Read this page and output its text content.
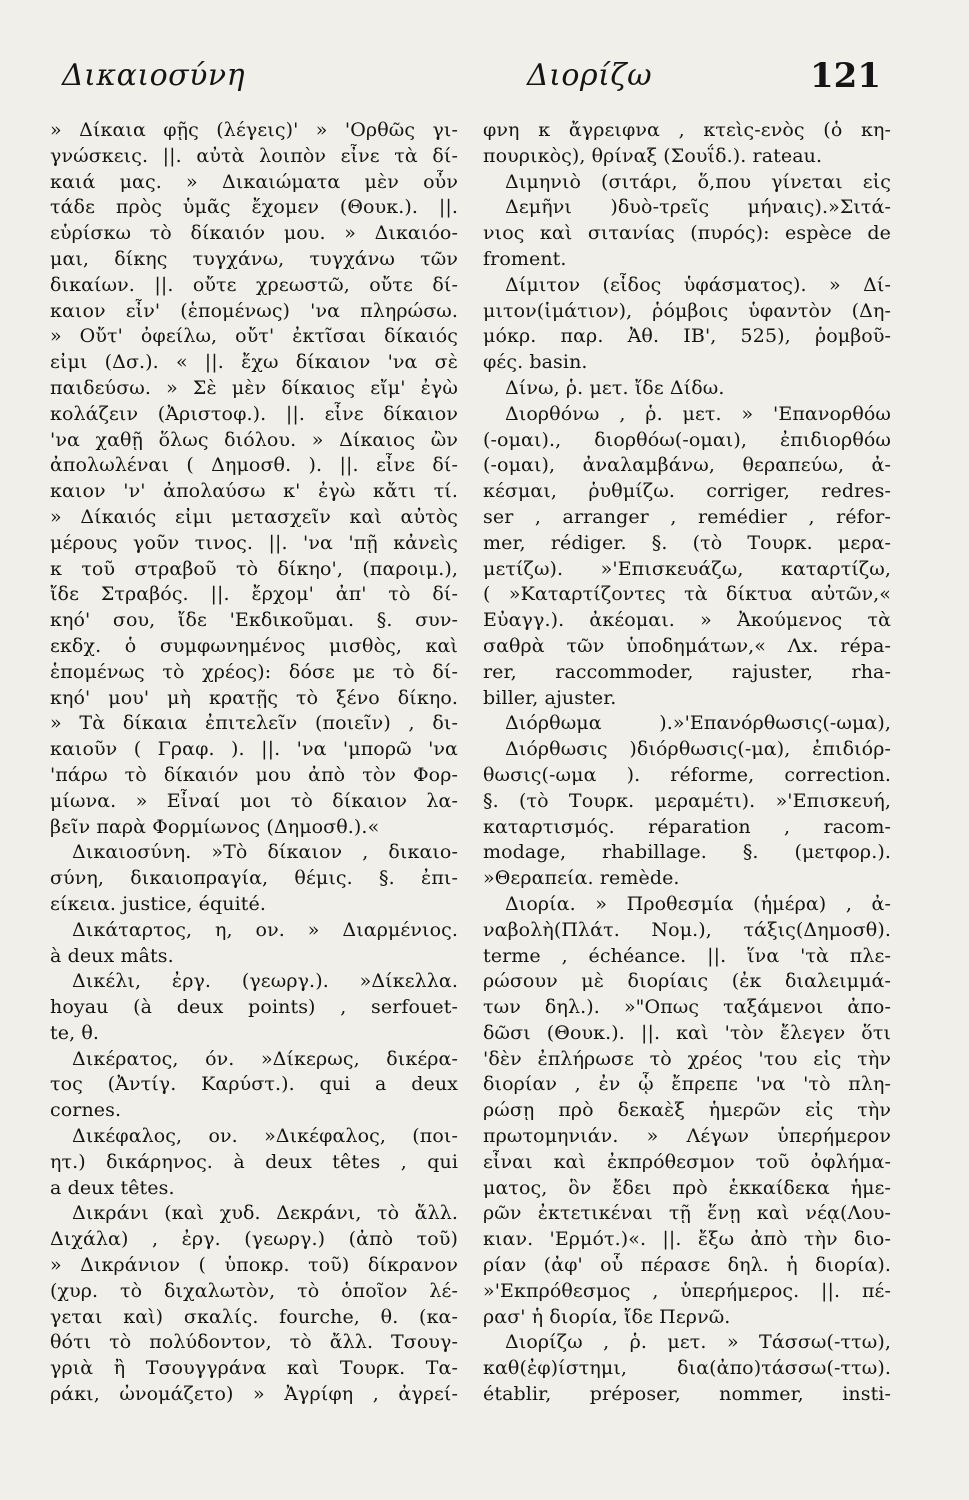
Δικαιοσύνη	Διορίζω	121
» Δίκαια φῇς (λέγεις)' » 'Ορθῶς γι-
γνώσκεις. ||. αὐτὰ λοιπὸν εἶνε τὰ δί-
καιά μας. » Δικαιώματα μὲν οὖν
τάδε πρὸς ὑμᾶς ἔχομεν (Θουκ.). ||.
εὑρίσκω τὸ δίκαιόν μου. » Δικαιόο-
μαι, δίκης τυγχάνω, τυγχάνω τῶν
δικαίων. ||. οὔτε χρεωστῶ, οὔτε δί-
καιον εἶν' (ἑπομένως) 'να πληρώσω.
» Οὔτ' ὀφείλω, οὔτ' ἐκτῖσαι δίκαιός
εἰμι (Δσ.). « ||. ἔχω δίκαιον 'να σὲ
παιδεύσω. » Σὲ μὲν δίκαιος εἴμ' ἐγὼ
κολάζειν (Ἀριστοφ.). ||. εἶνε δίκαιον
'να χαθῇ ὅλως διόλου. » Δίκαιος ὢν
ἀπολωλέναι ( Δημοσθ. ). ||. εἶνε δί-
καιον 'ν' ἀπολαύσω κ' ἐγὼ κἄτι τί.
» Δίκαιός εἰμι μετασχεῖν καὶ αὐτὸς
μέρους γοῦν τινος. ||. 'να 'πῇ κἀνεὶς
κ τοῦ στραβοῦ τὸ δίκηο', (παροιμ.),
ἴδε Στραβός. ||. ἔρχομ' ἀπ' τὸ δί-
κηό' σου, ἴδε 'Εκδικοῦμαι. §. συν-
εκδχ. ὁ συμφωνημένος μισθὸς, καὶ
ἑπομένως τὸ χρέος): δόσε με τὸ δί-
κηό' μου' μὴ κρατῇς τὸ ξένο δίκηο.
» Τὰ δίκαια ἐπιτελεῖν (ποιεῖν) , δι-
καιοῦν ( Γραφ. ). ||. 'να 'μπορῶ 'να
'πάρω τὸ δίκαιόν μου ἀπὸ τὸν Φορ-
μίωνα. » Εἶναί μοι τὸ δίκαιον λα-
βεῖν παρὰ Φορμίωνος (Δημοσθ.).«
Δικαιοσύνη. »Τὸ δίκαιον , δικαιο-
σύνη, δικαιοπραγία, θέμις. §. ἐπι-
είκεια. justice, équité.
Δικάταρτος, η, ον. » Διαρμένιος.
à deux mâts.
Δικέλι, ἐργ. (γεωργ.). »Δίκελλα.
hoyau (à deux points) , serfouet-
te, θ.
Δικέρατος, όν. »Δίκερως, δικέρα-
τος (Ἀντίγ. Καρύστ.). qui a deux
cornes.
Δικέφαλος, ον. »Δικέφαλος, (ποι-
ητ.) δικάρηνος. à deux têtes , qui
a deux têtes.
Δικράνι (καὶ χυδ. Δεκράνι, τὸ ἄλλ.
Διχάλα) , ἐργ. (γεωργ.) (ἀπὸ τοῦ)
» Δικράνιον ( ὑποκρ. τοῦ) δίκρανον
(χυρ. τὸ διχαλωτὸν, τὸ ὁποῖον λέ-
γεται καὶ) σκαλίς. fourche, θ. (κα-
θότι τὸ πολύδοντον, τὸ ἄλλ. Τσουγ-
γριὰ ἢ Τσουγγράνα καὶ Τουρκ. Τα-
ράκι, ὠνομάζετο) » Ἀγρίφη , ἀγρεί-
φνη κ ἄγρειφνα , κτεὶς-ενὸς (ὁ κη-
πουρικὸς), θρίναξ (Σουΐδ.). rateau.
Διμηνιὸ (σιτάρι, ὅ,που γίνεται εἰς
Δεμῆνι )δυὸ-τρεῖς μήναις).»Σιτά-
νιος καὶ σιτανίας (πυρός): espèce de
froment.
Δίμιτον (εἶδος ὑφάσματος). » Δί-
μιτον(ἱμάτιον), ῥόμβοις ὑφαντὸν (Δη-
μόκρ. παρ. Ἀθ. ΙΒ', 525), ῥομβοῦ-
φές. basin.
Δίνω, ῥ. μετ. ἴδε Δίδω.
Διορθόνω , ῥ. μετ. » 'Επανορθόω
(-ομαι)., διορθόω(-ομαι), ἐπιδιορθόω
(-ομαι), ἀναλαμβάνω, θεραπεύω, ἀ-
κέσμαι, ῥυθμίζω. corriger, redres-
ser , arranger , remédier , réfor-
mer, rédiger. §. (τὸ Τουρκ. μερα-
μετίζω). »'Επισκευάζω, καταρτίζω,
( »Καταρτίζοντες τὰ δίκτυα αὐτῶν,«
Εὐαγγ.). ἀκέομαι. » Ἀκούμενος τὰ
σαθρὰ τῶν ὑποδημάτων,« Λx. répa-
rer, raccommoder, rajuster, rha-
biller, ajuster.
Διόρθωμα ).»'Επανόρθωσις(-ωμα),
Διόρθωσις )διόρθωσις(-μα), ἐπιδιόρ-
θωσις(-ωμα ). réforme, correction.
§. (τὸ Τουρκ. μεραμέτι). »'Επισκευή,
καταρτισμός. réparation , racom-
modage, rhabillage. §. (μετφορ.).
»Θεραπεία. remède.
Διορία. » Προθεσμία (ἡμέρα) , ἀ-
ναβολὴ(Πλάτ. Νομ.), τάξις(Δημοσθ).
terme , échéance. ||. ἵνα 'τὰ πλε-
ρώσουν μὲ διορίαις (ἐκ διαλειμμά-
των δηλ.). »"Οπως ταξάμενοι ἀπο-
δῶσι (Θουκ.). ||. καὶ 'τὸν ἔλεγεν ὅτι
'δὲν ἐπλήρωσε τὸ χρέος 'του εἰς τὴν
διορίαν , ἐν ᾧ ἔπρεπε 'να 'τὸ πλη-
ρώσῃ πρὸ δεκαὲξ ἡμερῶν εἰς τὴν
πρωτομηνιάν. » Λέγων ὑπερήμερον
εἶναι καὶ ἐκπρόθεσμον τοῦ ὀφλήμα-
ματος, ὃν ἔδει πρὸ ἑκκαίδεκα ἡμε-
ρῶν ἐκτετικέναι τῇ ἕνῃ καὶ νέᾳ(Λου-
κιαν. 'Ερμότ.)«. ||. ἔξω ἀπὸ τὴν διο-
ρίαν (ἀφ' οὗ πέρασε δηλ. ἡ διορία).
»'Εκπρόθεσμος , ὑπερήμερος. ||. πέ-
ρασ' ἡ διορία, ἴδε Περνῶ.
Διορίζω , ῥ. μετ. » Τάσσω(-ττω),
καθ(ἐφ)ίστημι, δια(ἀπο)τάσσω(-ττω).
établir, préposer, nommer, insti-
